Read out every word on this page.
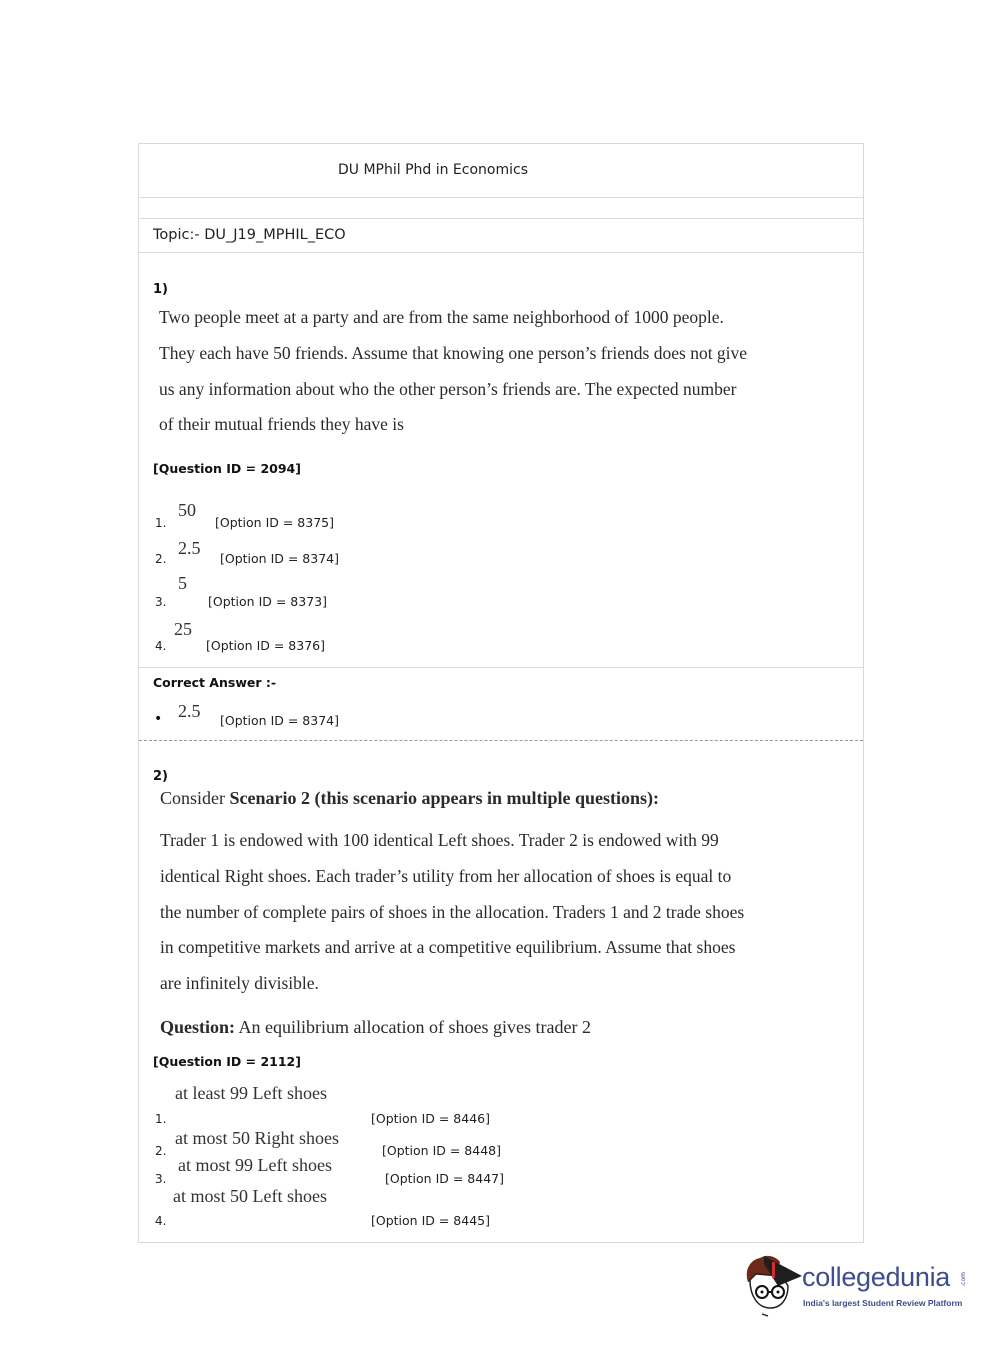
DU MPhil Phd in Economics
Topic:- DU_J19_MPHIL_ECO
1)
Two people meet at a party and are from the same neighborhood of 1000 people.
They each have 50 friends. Assume that knowing one person’s friends does not give
us any information about who the other person’s friends are. The expected number
of their mutual friends they have is
[Question ID = 2094]
1.
50
[Option ID = 8375]
2.
2.5
[Option ID = 8374]
3.
5
[Option ID = 8373]
4.
25
[Option ID = 8376]
Correct Answer :-
• 2.5 [Option ID = 8374]
2)
Consider Scenario 2 (this scenario appears in multiple questions):
Trader 1 is endowed with 100 identical Left shoes. Trader 2 is endowed with 99
identical Right shoes. Each trader’s utility from her allocation of shoes is equal to
the number of complete pairs of shoes in the allocation. Traders 1 and 2 trade shoes
in competitive markets and arrive at a competitive equilibrium. Assume that shoes
are infinitely divisible.
Question: An equilibrium allocation of shoes gives trader 2
[Question ID = 2112]
1.
at least 99 Left shoes
[Option ID = 8446]
2.
at most 50 Right shoes
[Option ID = 8448]
3.
at most 99 Left shoes
[Option ID = 8447]
4.
at most 50 Left shoes
[Option ID = 8445]
collegedunia .com
India's largest Student Review Platform
